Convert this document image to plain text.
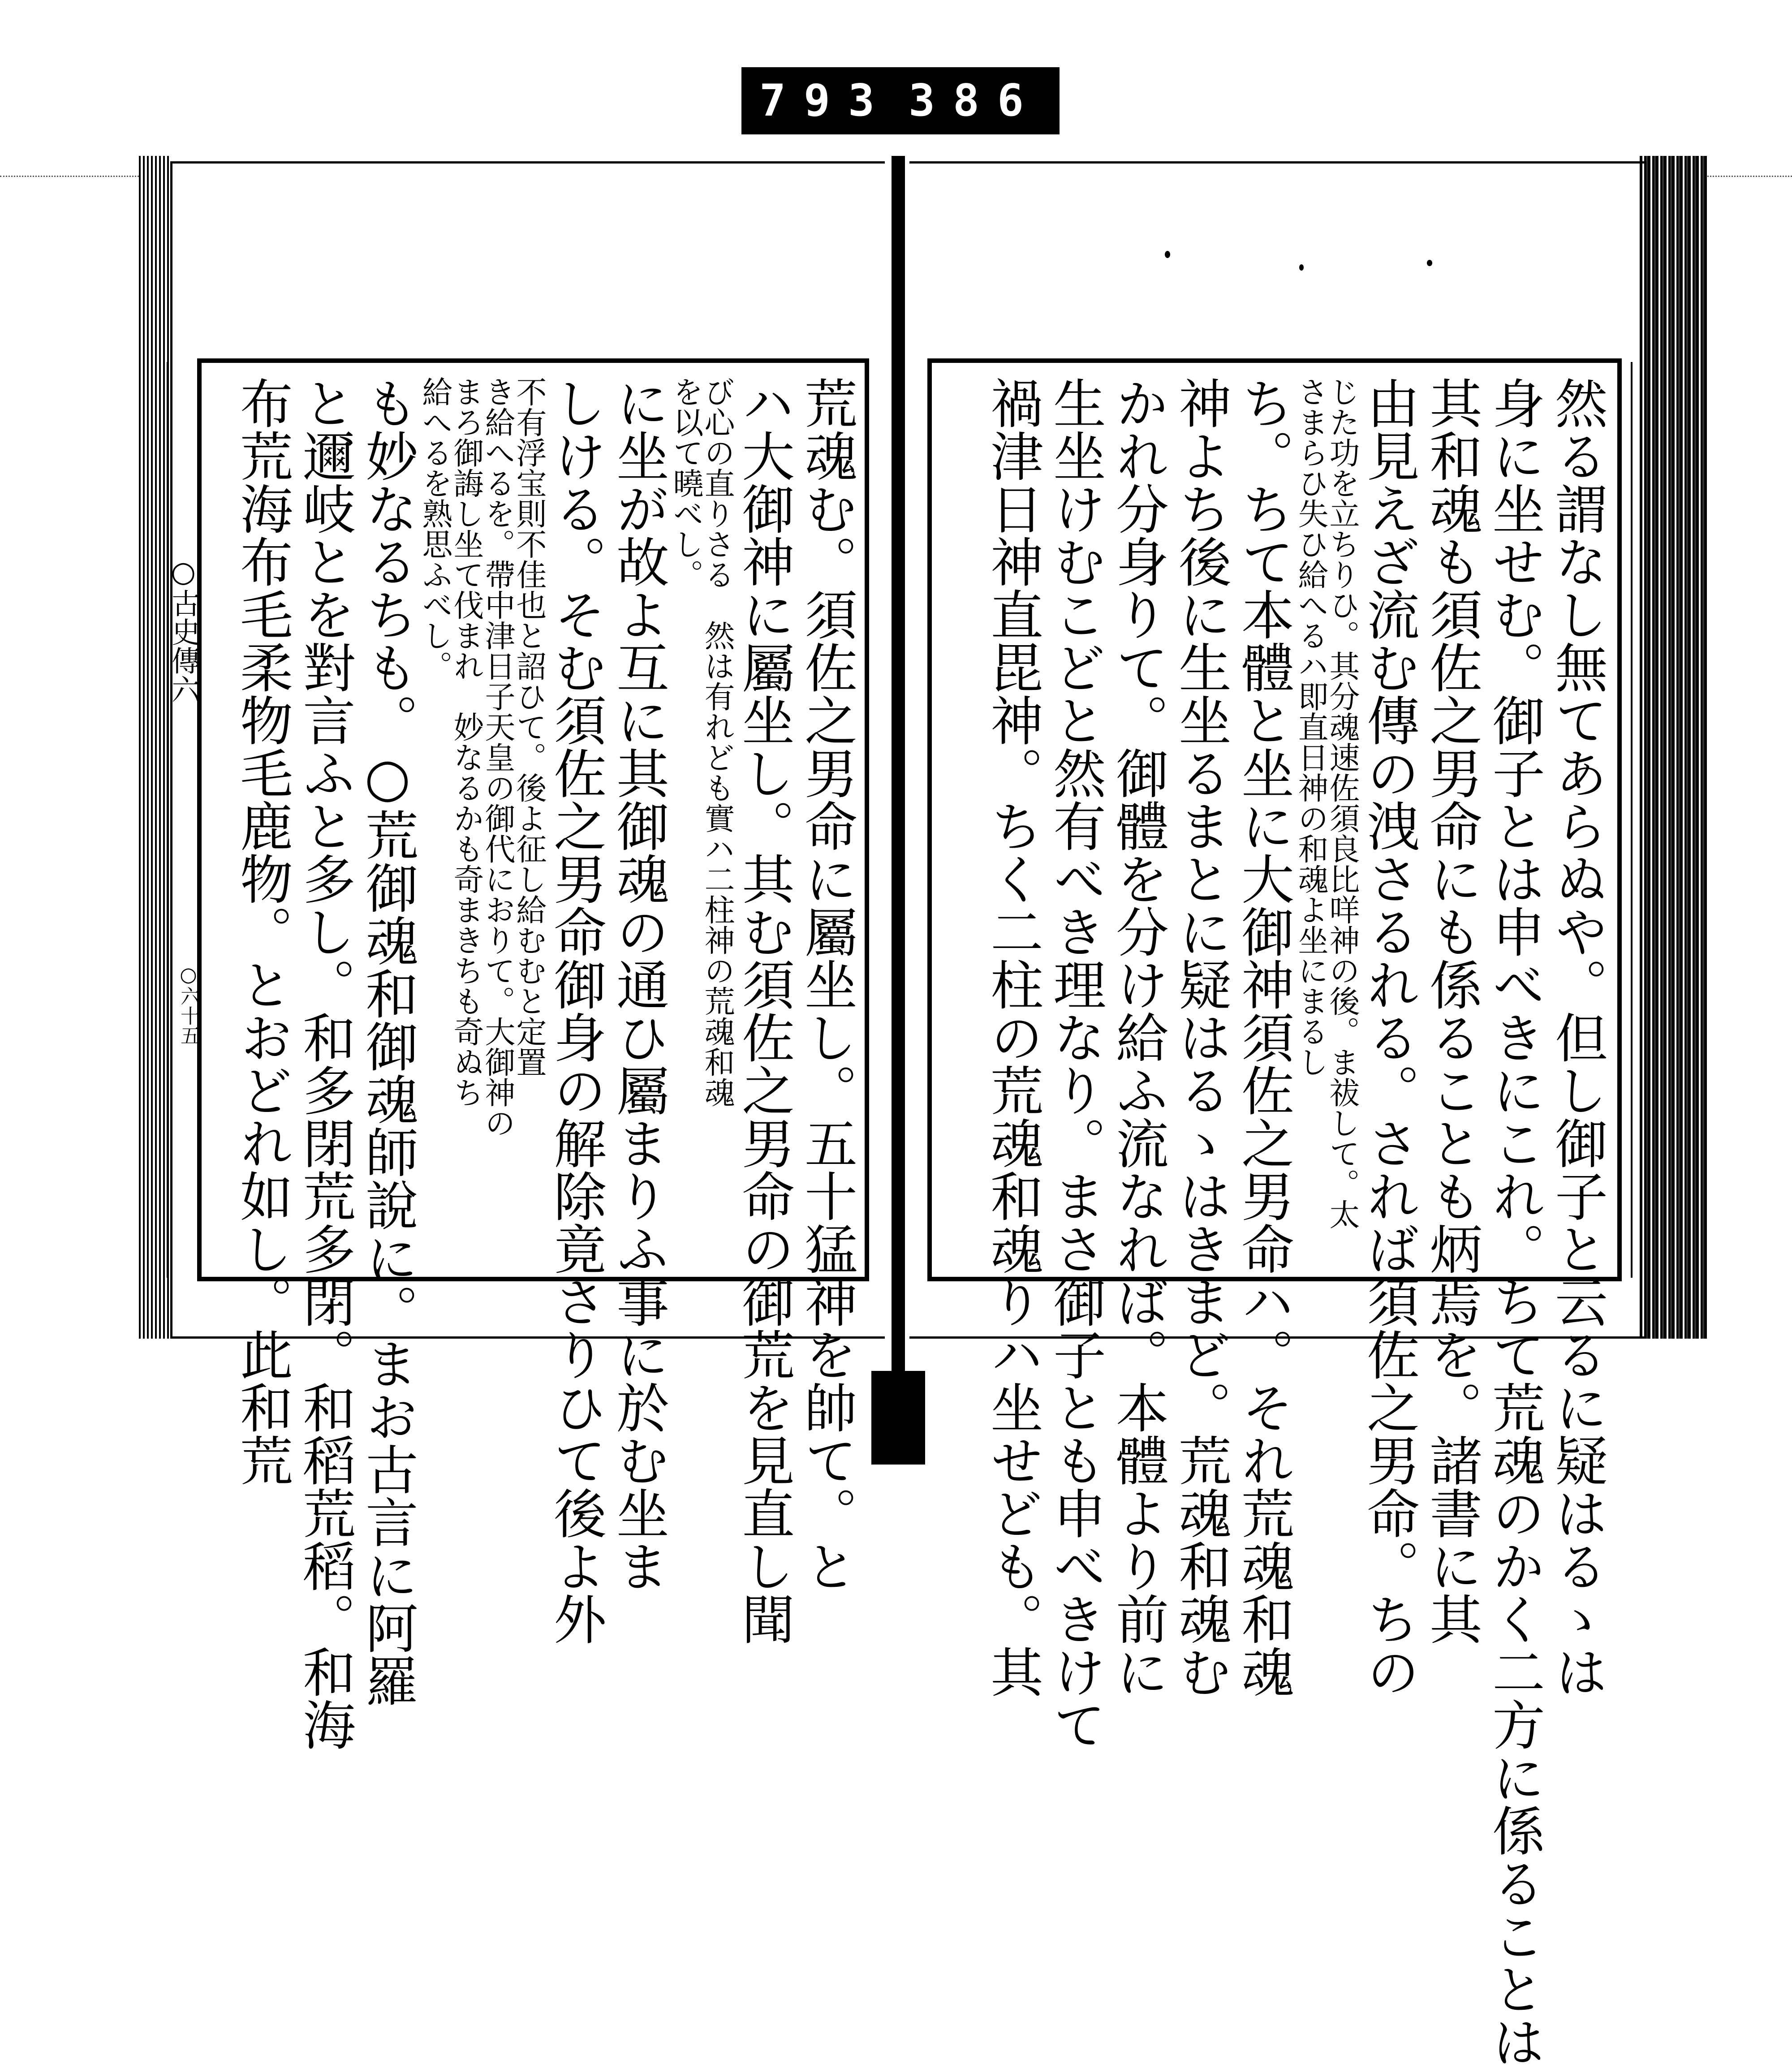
793 386
○古史傳六
○六十五	然る謂なし無てあらぬや。但し御子と云るに疑はるゝは
身に坐せむ。御子とは申べきにこれ。ちて荒魂のかく二方に係ることは
其和魂も須佐之男命にも係ることも炳焉を。諸書に其
由見えざ流む傳の洩さるれる。されば須佐之男命。ちの
じた功を立ちりひ。其分魂速佐須良比咩神の後。ま祓して。太
さまらひ失ひ給へるハ即直日神の和魂よ坐にまるし
ち。ちて本體と坐に大御神須佐之男命ハ。それ荒魂和魂
神よち後に生坐るまとに疑はるゝはきまど。荒魂和魂む
かれ分身りて。御體を分け給ふ流なれば。本體より前に
生坐けむこどと然有べき理なり。まさ御子とも申べきけて
禍津日神直毘神。ちく二柱の荒魂和魂りハ坐せども。其
荒魂む。須佐之男命に屬坐し。五十猛神を帥て。と
ハ大御神に屬坐し。其む須佐之男命の御荒を見直し聞
び心の直りさる　然は有れども實ハ二柱神の荒魂和魂
を以て曉べし。
に坐が故よ互に其御魂の通ひ屬まりふ事に於む坐ま
しける。そむ須佐之男命御身の解除竟さりひて後よ外
不有浮宝則不佳也と詔ひて。後よ征し給むむと定置
き給へるを。帶中津日子天皇の御代におりて。大御神の
まろ御誨し坐て伐まれ　妙なるかも奇まきちも奇ぬち
給へるを熟思ふべし。
も妙なるちも。○荒御魂和御魂師說に。まお古言に阿羅
と邇岐とを對言ふと多し。和多閉荒多閉。和稻荒稻。和海
布荒海布毛柔物毛鹿物。とおどれ如し。此和荒
